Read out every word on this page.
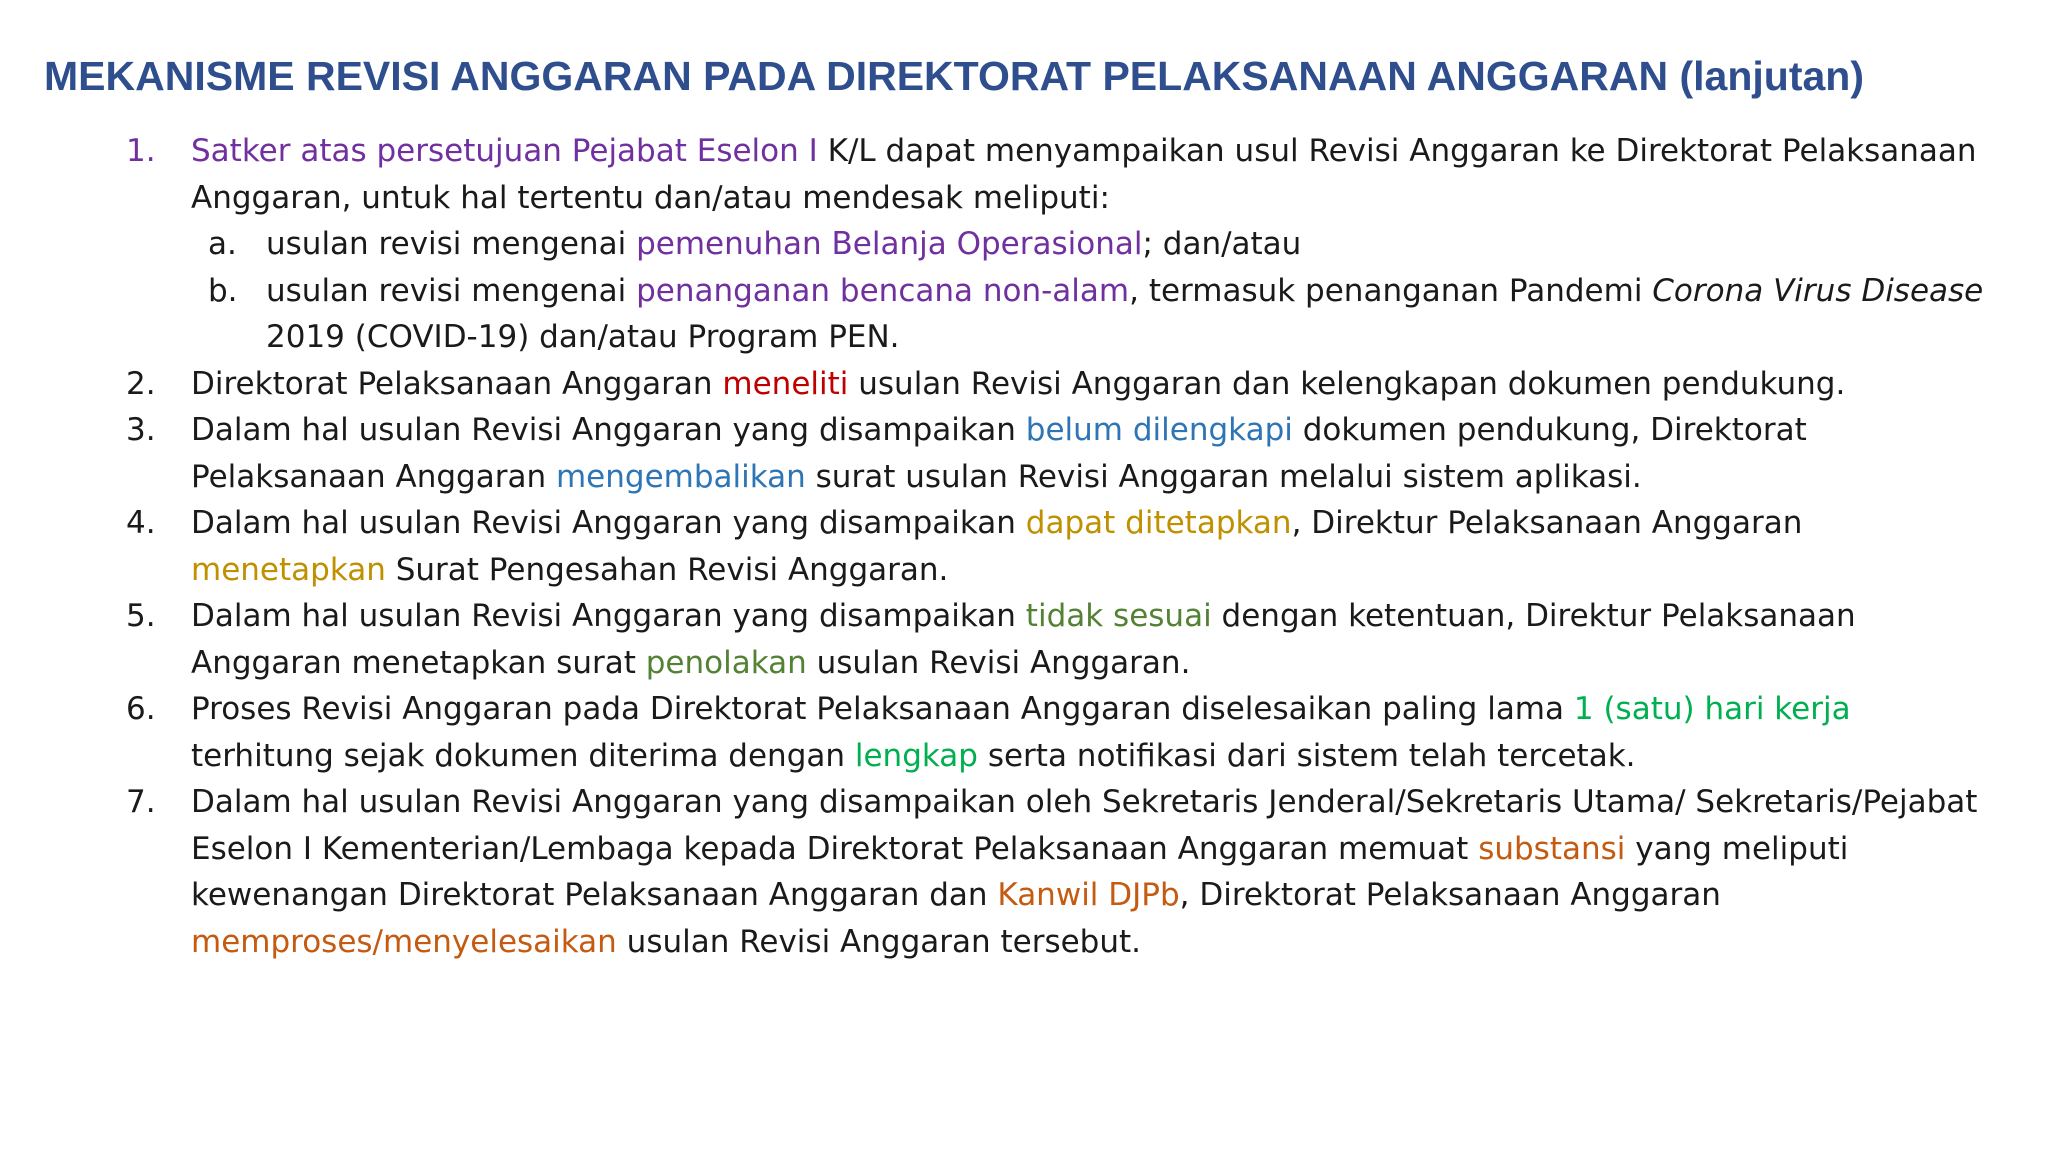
MEKANISME REVISI ANGGARAN PADA DIREKTORAT PELAKSANAAN ANGGARAN (lanjutan)
1. Satker atas persetujuan Pejabat Eselon I K/L dapat menyampaikan usul Revisi Anggaran ke Direktorat Pelaksanaan Anggaran, untuk hal tertentu dan/atau mendesak meliputi:
a. usulan revisi mengenai pemenuhan Belanja Operasional; dan/atau
b. usulan revisi mengenai penanganan bencana non-alam, termasuk penanganan Pandemi Corona Virus Disease 2019 (COVID-19) dan/atau Program PEN.
2. Direktorat Pelaksanaan Anggaran meneliti usulan Revisi Anggaran dan kelengkapan dokumen pendukung.
3. Dalam hal usulan Revisi Anggaran yang disampaikan belum dilengkapi dokumen pendukung, Direktorat Pelaksanaan Anggaran mengembalikan surat usulan Revisi Anggaran melalui sistem aplikasi.
4. Dalam hal usulan Revisi Anggaran yang disampaikan dapat ditetapkan, Direktur Pelaksanaan Anggaran menetapkan Surat Pengesahan Revisi Anggaran.
5. Dalam hal usulan Revisi Anggaran yang disampaikan tidak sesuai dengan ketentuan, Direktur Pelaksanaan Anggaran menetapkan surat penolakan usulan Revisi Anggaran.
6. Proses Revisi Anggaran pada Direktorat Pelaksanaan Anggaran diselesaikan paling lama 1 (satu) hari kerja terhitung sejak dokumen diterima dengan lengkap serta notifikasi dari sistem telah tercetak.
7. Dalam hal usulan Revisi Anggaran yang disampaikan oleh Sekretaris Jenderal/Sekretaris Utama/ Sekretaris/Pejabat Eselon I Kementerian/Lembaga kepada Direktorat Pelaksanaan Anggaran memuat substansi yang meliputi kewenangan Direktorat Pelaksanaan Anggaran dan Kanwil DJPb, Direktorat Pelaksanaan Anggaran memproses/menyelesaikan usulan Revisi Anggaran tersebut.
